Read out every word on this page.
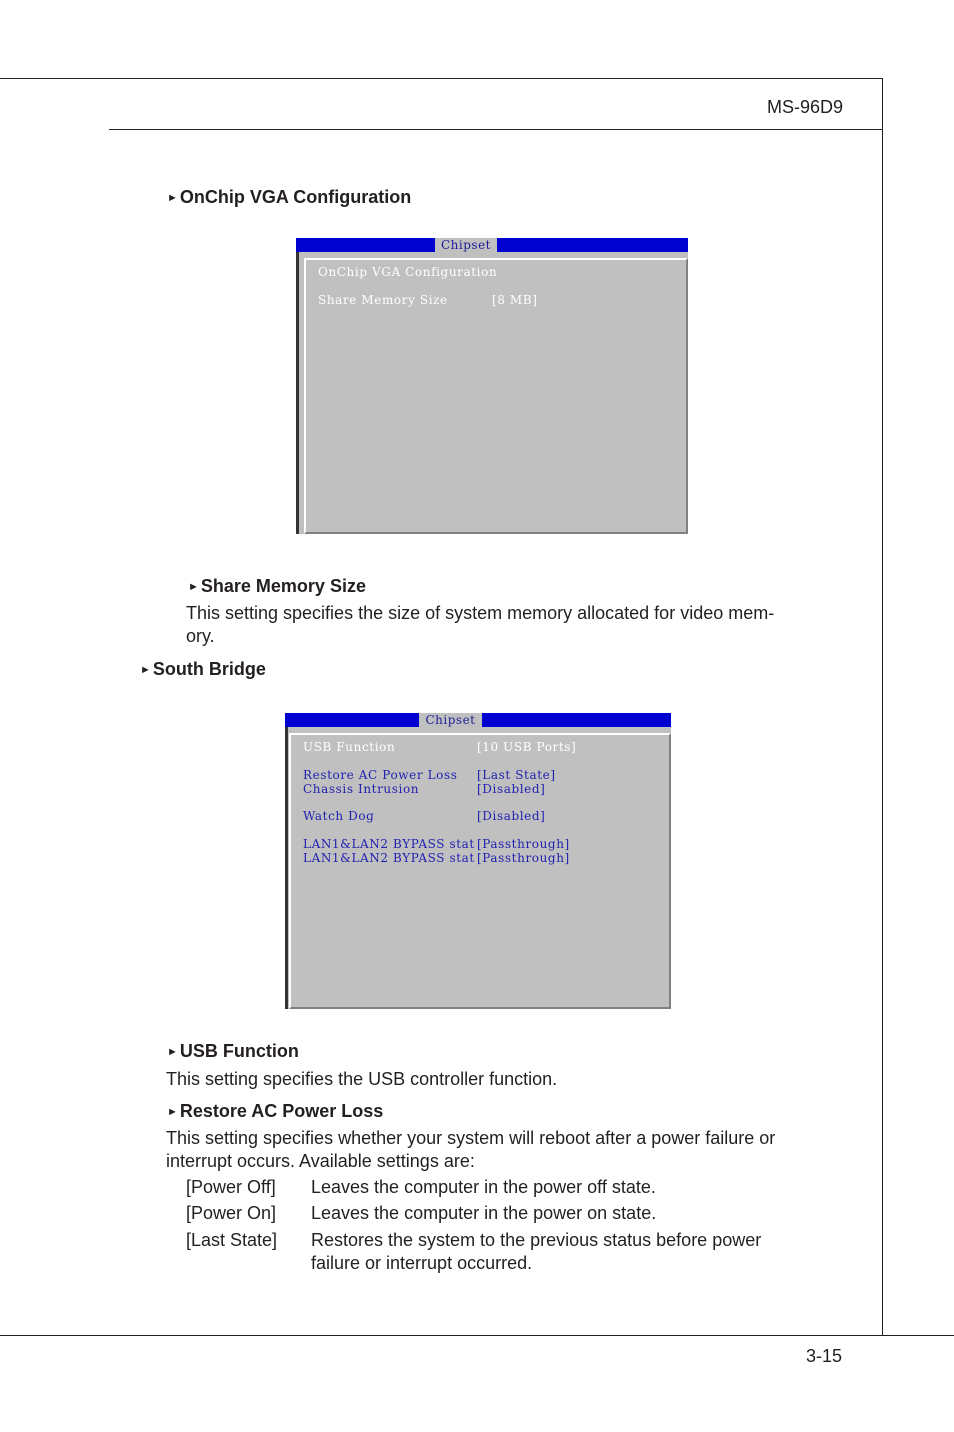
MS-96D9
3-15
► OnChip VGA Configuration
Chipset
OnChip VGA Configuration
Share Memory Size	[8 MB]
► Share Memory Size
This setting specifies the size of system memory allocated for video mem-
ory.
► South Bridge
Chipset
USB Function	[10 USB Ports]
Restore AC Power Loss [Last State]
Chassis Intrusion	[Disabled]
Watch Dog	[Disabled]
LAN1&LAN2 BYPASS stat [Passthrough]
LAN1&LAN2 BYPASS stat [Passthrough]
► USB Function
This setting specifies the USB controller function.
► Restore AC Power Loss
This setting specifies whether your system will reboot after a power failure or
interrupt occurs. Available settings are:
[Power Off] Leaves the computer in the power off state.
[Power On] Leaves the computer in the power on state.
[Last State] Restores the system to the previous status before power
failure or interrupt occurred.
